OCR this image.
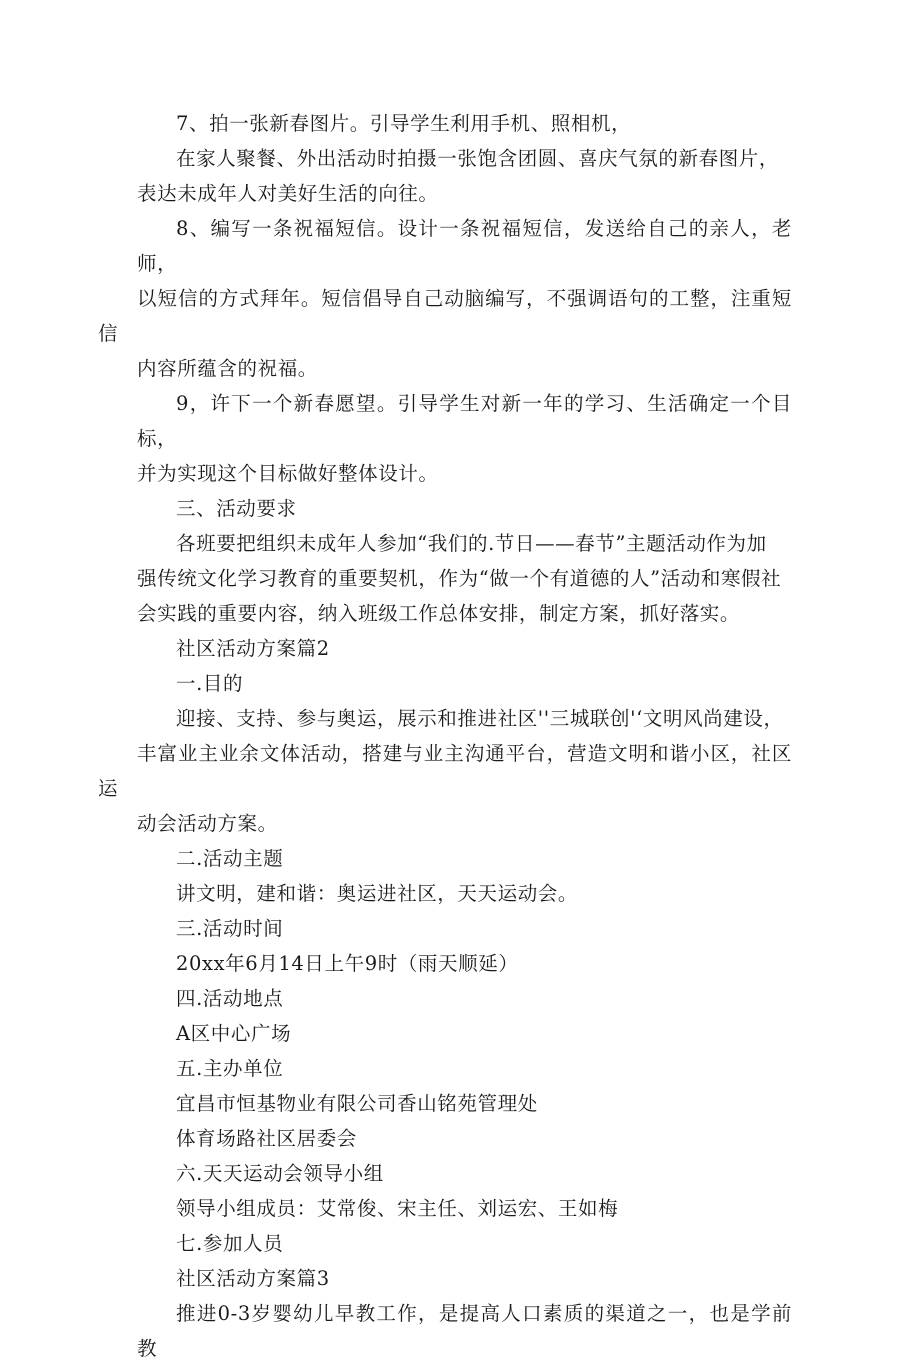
7、拍一张新春图片。引导学生利用手机、照相机，

在家人聚餐、外出活动时拍摄一张饱含团圆、喜庆气氛的新春图片，
表达未成年人对美好生活的向往。

8、编写一条祝福短信。设计一条祝福短信，发送给自己的亲人，老师，
以短信的方式拜年。短信倡导自己动脑编写，不强调语句的工整，注重短信
内容所蕴含的祝福。

9，许下一个新春愿望。引导学生对新一年的学习、生活确定一个目标，
并为实现这个目标做好整体设计。

三、活动要求

各班要把组织未成年人参加“我们的.节日——春节”主题活动作为加
强传统文化学习教育的重要契机，作为“做一个有道德的人”活动和寒假社
会实践的重要内容，纳入班级工作总体安排，制定方案，抓好落实。

社区活动方案篇2

一.目的

迎接、支持、参与奥运，展示和推进社区''三城联创'‘文明风尚建设，
丰富业主业余文体活动，搭建与业主沟通平台，营造文明和谐小区，社区运
动会活动方案。

二.活动主题

讲文明，建和谐：奥运进社区，天天运动会。

三.活动时间

20xx年6月14日上午9时（雨天顺延）

四.活动地点

A区中心广场

五.主办单位

宜昌市恒基物业有限公司香山铭苑管理处

体育场路社区居委会

六.天天运动会领导小组

领导小组成员：艾常俊、宋主任、刘运宏、王如梅

七.参加人员

社区活动方案篇3

推进0-3岁婴幼儿早教工作，是提高人口素质的渠道之一，也是学前教
